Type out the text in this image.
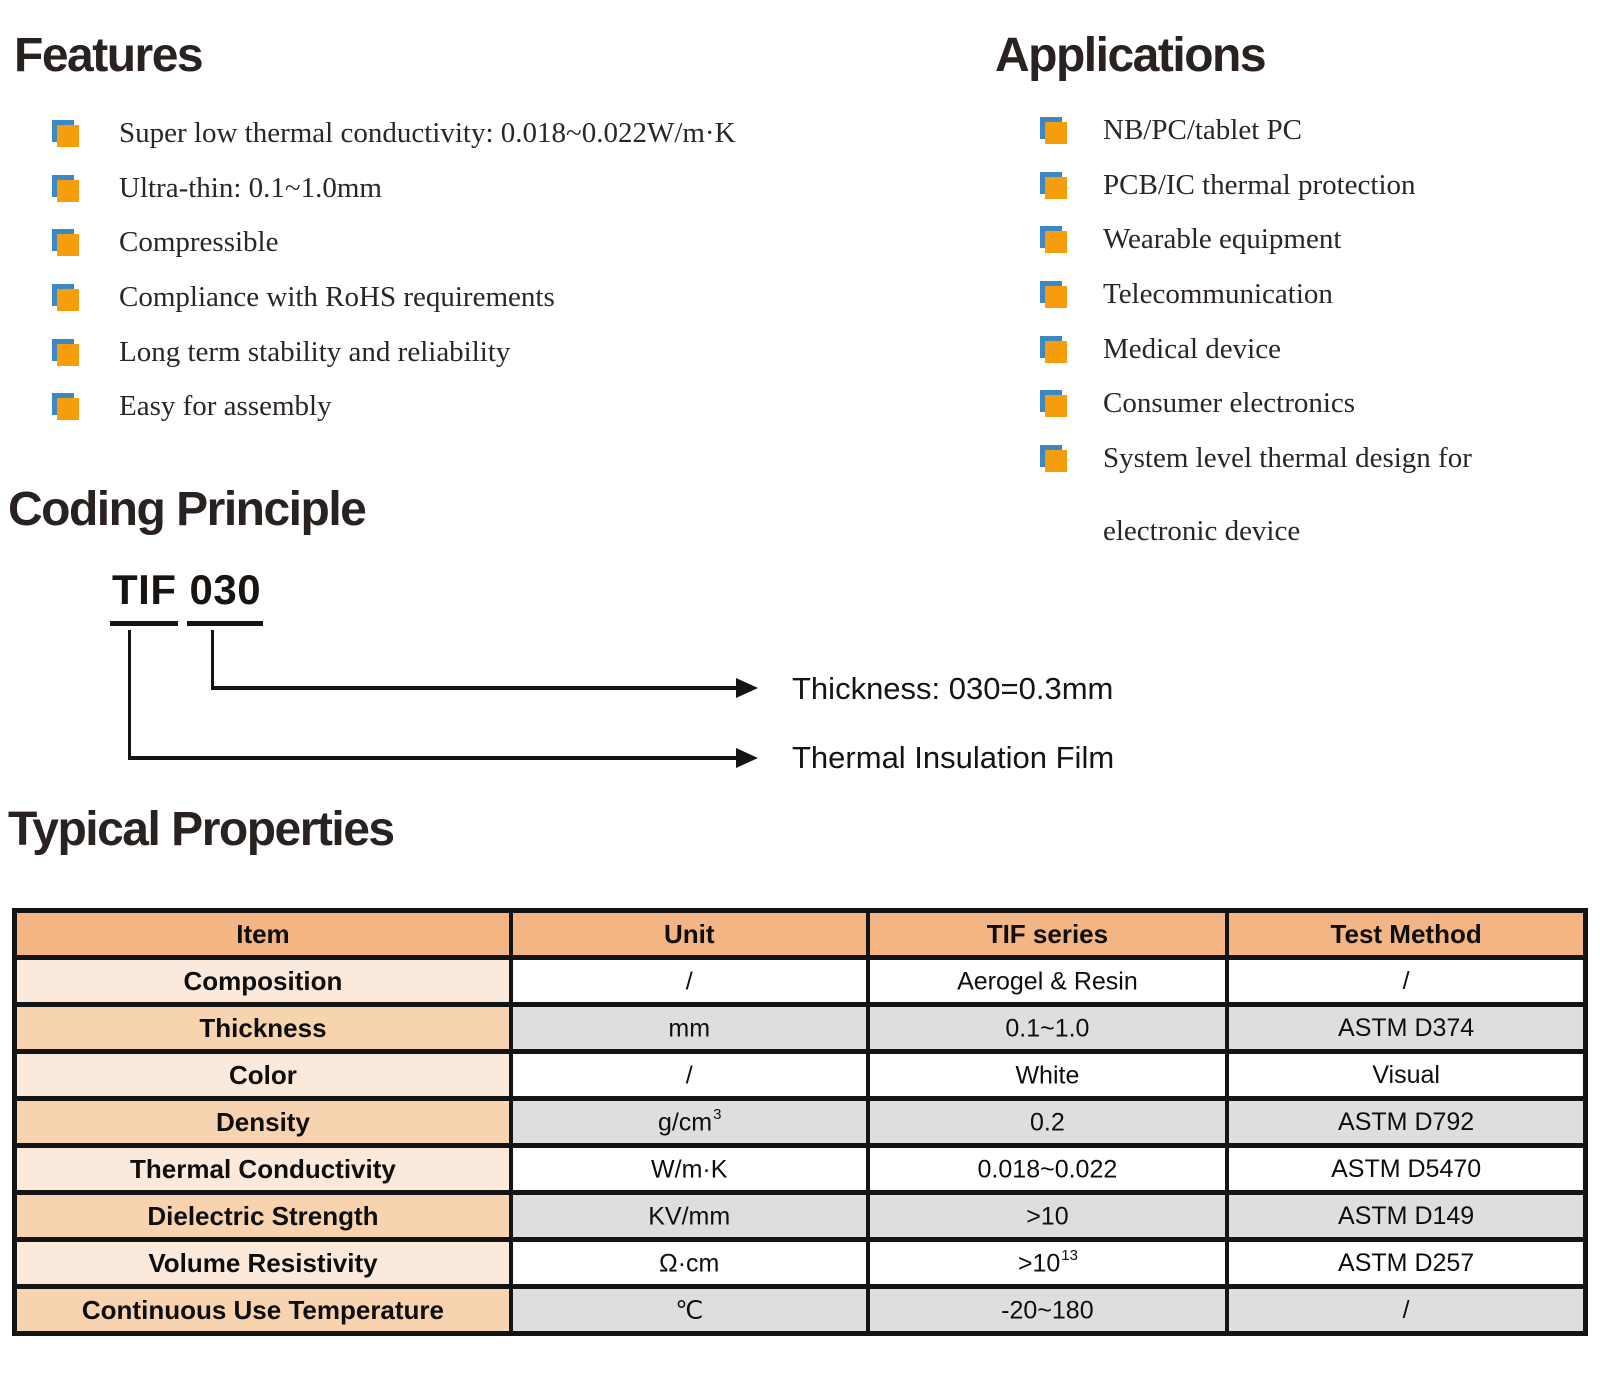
Features
Super low thermal conductivity: 0.018~0.022W/m·K
Ultra-thin: 0.1~1.0mm
Compressible
Compliance with RoHS requirements
Long term stability and reliability
Easy for assembly
Applications
NB/PC/tablet PC
PCB/IC thermal protection
Wearable equipment
Telecommunication
Medical device
Consumer electronics
System level thermal design for
electronic device
Coding Principle
TIF 030
Thickness: 030=0.3mm
Thermal Insulation Film
Typical Properties
Item	Unit	TIF series	Test Method
Composition	/	Aerogel & Resin	/
Thickness	mm	0.1~1.0	ASTM D374
Color	/	White	Visual
Density	$g/cm^3$	0.2	ASTM D792
Thermal Conductivity	W/m·K	0.018~0.022	ASTM D5470
Dielectric Strength	KV/mm	>10	ASTM D149
Volume Resistivity	Ω·cm	$>10^{13}$	ASTM D257
Continuous Use Temperature	℃	-20~180	/
